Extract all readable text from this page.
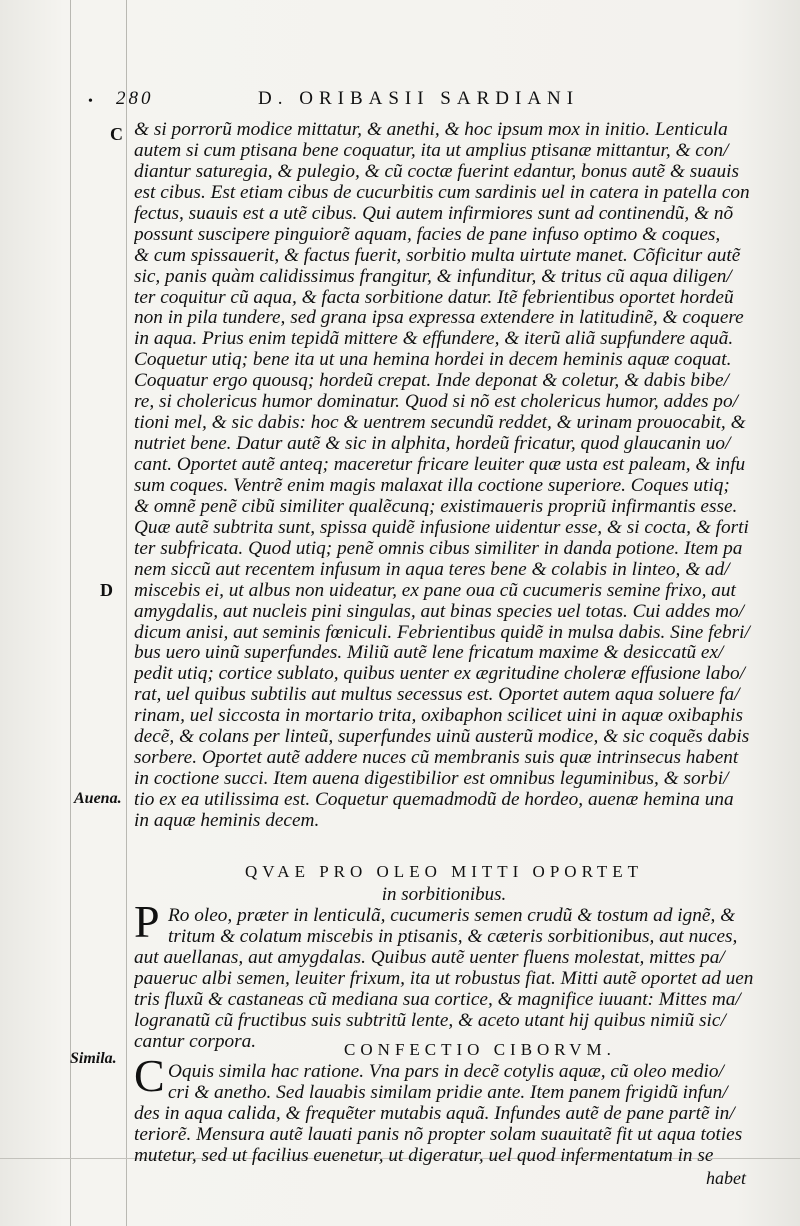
• 280	D. ORIBASII SARDIANI
C
D
Auena.
Simila.
& si porrorũ modice mittatur, & anethi, & hoc ipsum mox in initio. Lenticula
autem si cum ptisana bene coquatur, ita ut amplius ptisanæ mittantur, & con/
diantur saturegia, & pulegio, & cũ coctæ fuerint edantur, bonus autẽ & suauis
est cibus. Est etiam cibus de cucurbitis cum sardinis uel in catera in patella con
fectus, suauis est a utẽ cibus. Qui autem infirmiores sunt ad continendũ, & nõ
possunt suscipere pinguiorẽ aquam, facies de pane infuso optimo & coques,
& cum spissauerit, & factus fuerit, sorbitio multa uirtute manet. Cõficitur autẽ
sic, panis quàm calidissimus frangitur, & infunditur, & tritus cũ aqua diligen/
ter coquitur cũ aqua, & facta sorbitione datur. Itẽ febrientibus oportet hordeũ
non in pila tundere, sed grana ipsa expressa extendere in latitudinẽ, & coquere
in aqua. Prius enim tepidã mittere & effundere, & iterũ aliã supfundere aquã.
Coquetur utiq; bene ita ut una hemina hordei in decem heminis aquæ coquat.
Coquatur ergo quousq; hordeũ crepat. Inde deponat & coletur, & dabis bibe/
re, si cholericus humor dominatur. Quod si nõ est cholericus humor, addes po/
tioni mel, & sic dabis: hoc & uentrem secundũ reddet, & urinam prouocabit, &
nutriet bene. Datur autẽ & sic in alphita, hordeũ fricatur, quod glaucanin uo/
cant. Oportet autẽ anteq; maceretur fricare leuiter quæ usta est paleam, & infu
sum coques. Ventrẽ enim magis malaxat illa coctione superiore. Coques utiq;
& omnẽ penẽ cibũ similiter qualẽcunq; existimaueris propriũ infirmantis esse.
Quæ autẽ subtrita sunt, spissa quidẽ infusione uidentur esse, & si cocta, & forti
ter subfricata. Quod utiq; penẽ omnis cibus similiter in danda potione. Item pa
nem siccũ aut recentem infusum in aqua teres bene & colabis in linteo, & ad/
miscebis ei, ut albus non uideatur, ex pane oua cũ cucumeris semine frixo, aut
amygdalis, aut nucleis pini singulas, aut binas species uel totas. Cui addes mo/
dicum anisi, aut seminis fœniculi. Febrientibus quidẽ in mulsa dabis. Sine febri/
bus uero uinũ superfundes. Miliũ autẽ lene fricatum maxime & desiccatũ ex/
pedit utiq; cortice sublato, quibus uenter ex ægritudine choleræ effusione labo/
rat, uel quibus subtilis aut multus secessus est. Oportet autem aqua soluere fa/
rinam, uel siccosta in mortario trita, oxibaphon scilicet uini in aquæ oxibaphis
decẽ, & colans per linteũ, superfundes uinũ austerũ modice, & sic coquẽs dabis
sorbere. Oportet autẽ addere nuces cũ membranis suis quæ intrinsecus habent
in coctione succi. Item auena digestibilior est omnibus leguminibus, & sorbi/
tio ex ea utilissima est. Coquetur quemadmodũ de hordeo, auenæ hemina una
in aquæ heminis decem.
QVAE PRO OLEO MITTI OPORTET
in sorbitionibus.
P Ro oleo, præter in lenticulã, cucumeris semen crudũ & tostum ad ignẽ, &
tritum & colatum miscebis in ptisanis, & cæteris sorbitionibus, aut nuces,
aut auellanas, aut amygdalas. Quibus autẽ uenter fluens molestat, mittes pa/
pauerис albi semen, leuiter frixum, ita ut robustus fiat. Mitti autẽ oportet ad uen
tris fluxũ & castaneas cũ mediana sua cortice, & magnifice iuuant: Mittes ma/
logranatũ cũ fructibus suis subtritũ lente, & aceto utant hij quibus nimiũ sic/
cantur corpora.	CONFECTIO CIBORVM.
C Oquis simila hac ratione. Vna pars in decẽ cotylis aquæ, cũ oleo medio/
cri & anetho. Sed lauabis similam pridie ante. Item panem frigidũ infun/
des in aqua calida, & frequẽter mutabis aquã. Infundes autẽ de pane partẽ in/
teriorẽ. Mensura autẽ lauati panis nõ propter solam suauitatẽ fit ut aqua toties
mutetur, sed ut facilius euenetur, ut digeratur, uel quod infermentatum in se
habet
